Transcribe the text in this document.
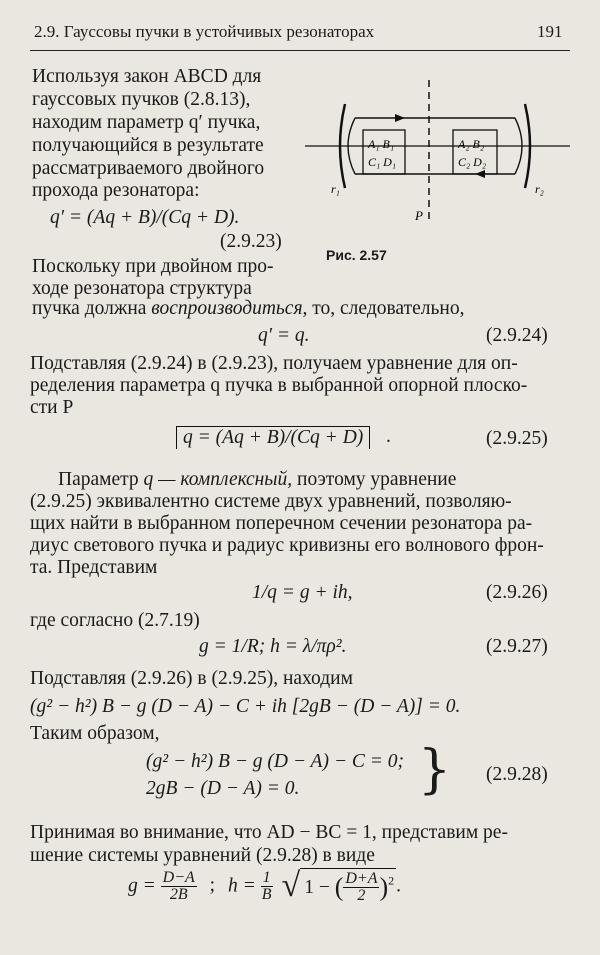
2.9. Гауссовы пучки в устойчивых резонаторах	191
Используя закон ABCD для
гауссовых пучков (2.8.13),
находим параметр q′ пучка,
получающийся в результате
рассматриваемого двойного
прохода резонатора:
q′ = (Aq + B)/(Cq + D).
(2.9.23)
A₁ B₁
C₁ D₁
A₂ B₂
C₂ D₂
r₁	r₂
P
Рис. 2.57
Поскольку при двойном про-
ходе резонатора структура
пучка должна воспроизводиться, то, следовательно,
q′ = q.	(2.9.24)
Подставляя (2.9.24) в (2.9.23), получаем уравнение для оп-
ределения параметра q пучка в выбранной опорной плоско-
сти P
q = (Aq + B)/(Cq + D)	.	(2.9.25)
Параметр q — комплексный, поэтому уравнение
(2.9.25) эквивалентно системе двух уравнений, позволяю-
щих найти в выбранном поперечном сечении резонатора ра-
диус светового пучка и радиус кривизны его волнового фрон-
та. Представим
1/q = g + ih,	(2.9.26)
где согласно (2.7.19)
g = 1/R; h = λ/πρ².	(2.9.27)
Подставляя (2.9.26) в (2.9.25), находим
(g² − h²) B − g (D − A) − C + ih [2gB − (D − A)] = 0.
Таким образом,
(g² − h²) B − g (D − A) − C = 0;
2gB − (D − A) = 0. } (2.9.28)
Принимая во внимание, что AD − BC = 1, представим ре-
шение системы уравнений (2.9.28) в виде
$g = \frac{D-A}{2B}$ ; $h = \frac{1}{B}$ √ 1 − ( $\frac{D+A}{2} )^2$ .
